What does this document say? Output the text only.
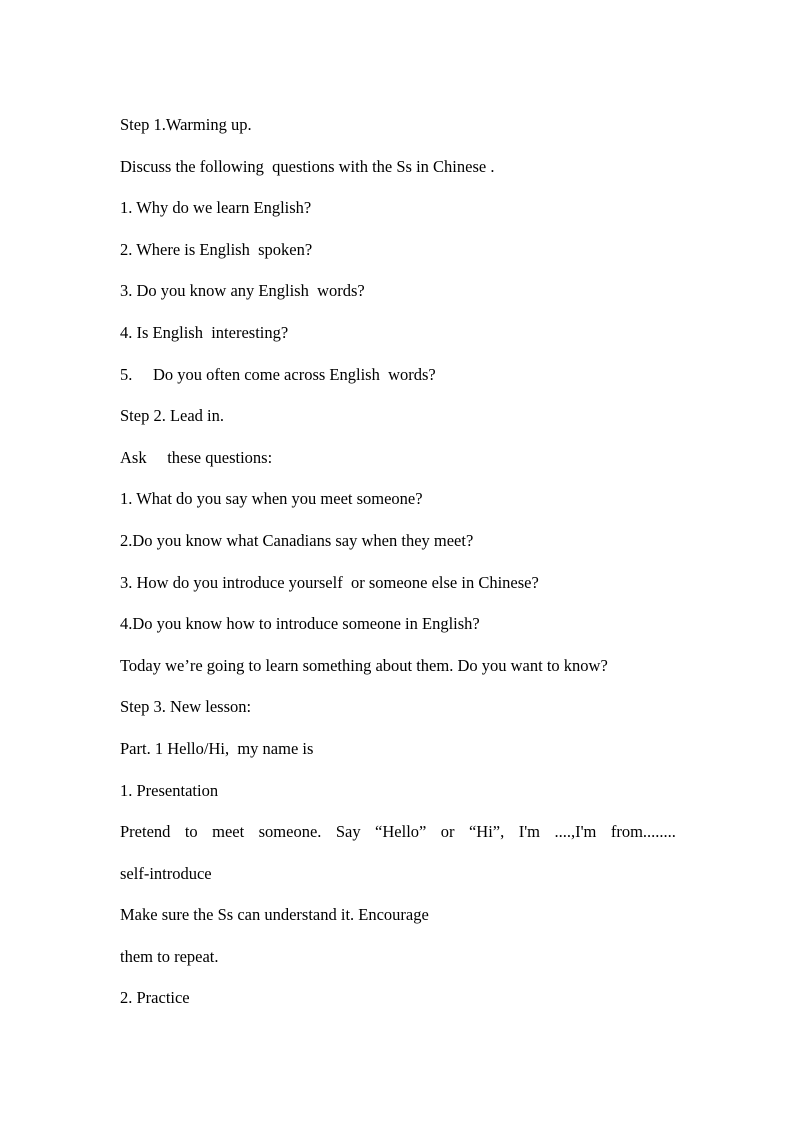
Step 1.Warming up.

Discuss the following  questions with the Ss in Chinese .

1. Why do we learn English?

2. Where is English  spoken?

3. Do you know any English  words?

4. Is English  interesting?

5.     Do you often come across English  words?

Step 2. Lead in.

Ask     these questions:

1. What do you say when you meet someone?

2.Do you know what Canadians say when they meet?

3. How do you introduce yourself  or someone else in Chinese?

4.Do you know how to introduce someone in English?

Today we’re going to learn something about them. Do you want to know?

Step 3. New lesson:

Part. 1 Hello/Hi,  my name is

1. Presentation

Pretend to meet someone. Say “Hello” or “Hi”, I'm ....,I'm from........

self-introduce

Make sure the Ss can understand it. Encourage

them to repeat.

2. Practice
